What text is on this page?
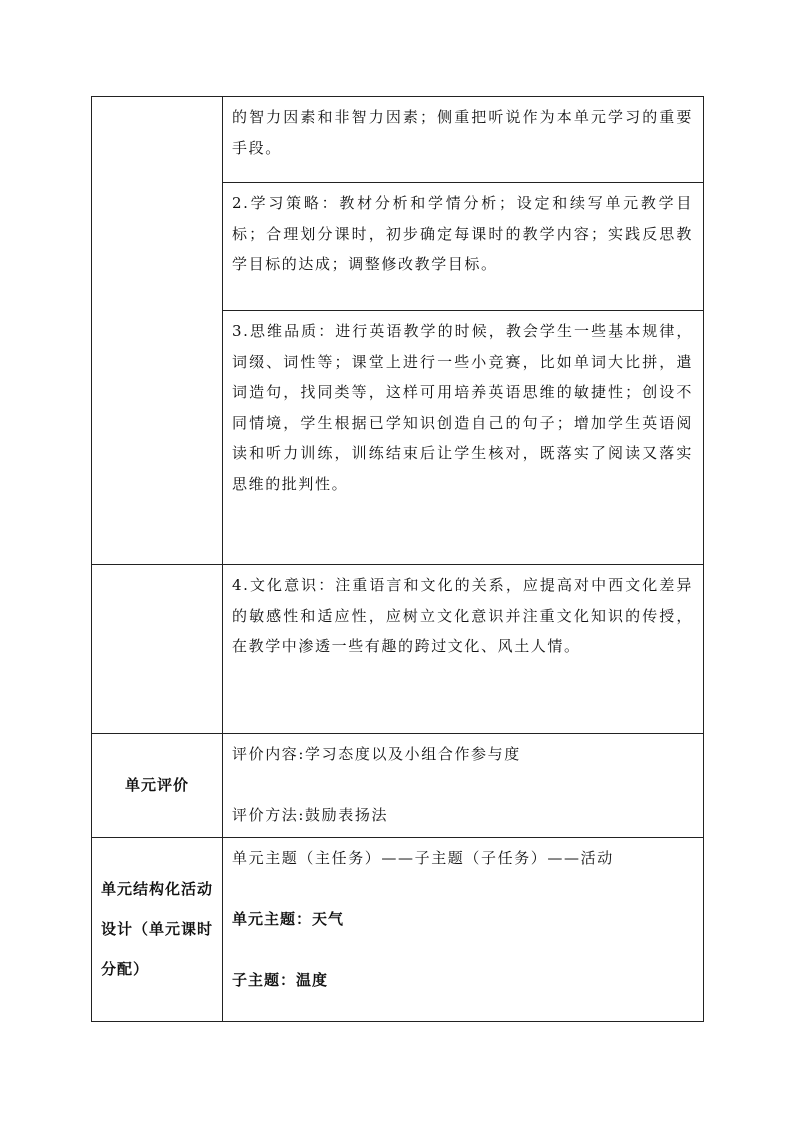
	的智力因素和非智力因素；侧重把听说作为本单元学习的重要手段。

	2.学习策略：教材分析和学情分析；设定和续写单元教学目标；合理划分课时，初步确定每课时的教学内容；实践反思教学目标的达成；调整修改教学目标。

	3.思维品质：进行英语教学的时候，教会学生一些基本规律，词缀、词性等；课堂上进行一些小竞赛，比如单词大比拼，遣词造句，找同类等，这样可用培养英语思维的敏捷性；创设不同情境，学生根据已学知识创造自己的句子；增加学生英语阅读和听力训练，训练结束后让学生核对，既落实了阅读又落实思维的批判性。

	4.文化意识：注重语言和文化的关系，应提高对中西文化差异的敏感性和适应性，应树立文化意识并注重文化知识的传授，在教学中渗透一些有趣的跨过文化、风土人情。

单元评价	评价内容:学习态度以及小组合作参与度

评价方法:鼓励表扬法

单元结构化活动设计（单元课时分配）	单元主题（主任务）——子主题（子任务）——活动

单元主题：天气

子主题：温度
